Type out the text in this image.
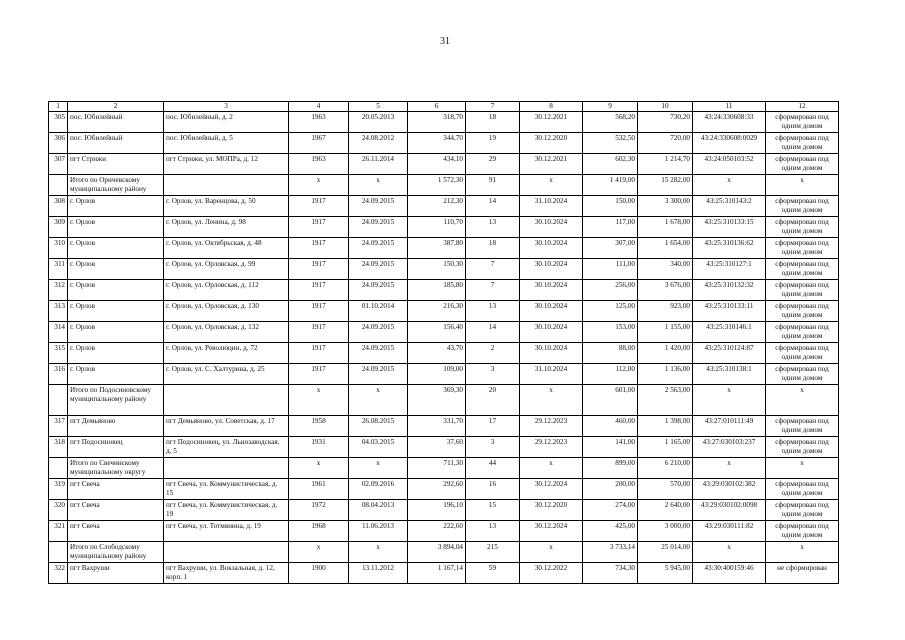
31
1	2	3	4	5	6	7	8	9	10	11	12
305	пос. Юбилейный	пос. Юбилейный, д. 2	1963	20.05.2013	318,70	18	30.12.2021	568,20	730,20	43:24:330608:33	сформирован под одним домом
306	пос. Юбилейный	пос. Юбилейный, д. 5	1967	24.08.2012	344,70	19	30.12.2020	532,50	720,00	43:24:330608:0029	сформирован под одним домом
307	пгт Стрижи	пгт Стрижи, ул. МОПРа, д. 12	1963	26.11.2014	434,10	29	30.12.2021	602,30	1 214,70	43:24:050103:52	сформирован под одним домом
	Итого по Оричевскому муниципальному району		x	x	1 572,30	91	x	1 419,00	15 282,00	x	x
308	г. Орлов	г. Орлов, ул. Варенцова, д. 50	1917	24.09.2015	212,30	14	31.10.2024	150,00	3 300,00	43:25:310143:2	сформирован под одним домом
309	г. Орлов	г. Орлов, ул. Ленина, д. 98	1917	24.09.2015	110,70	13	30.10.2024	117,00	1 678,00	43:25:310133:15	сформирован под одним домом
310	г. Орлов	г. Орлов, ул. Октябрьская, д. 48	1917	24.09.2015	387,80	18	30.10.2024	307,00	1 654,00	43:25:310136:62	сформирован под одним домом
311	г. Орлов	г. Орлов, ул. Орловская, д. 99	1917	24.09.2015	150,30	7	30.10.2024	111,00	340,00	43:25:310127:1	сформирован под одним домом
312	г. Орлов	г. Орлов, ул. Орловская, д. 112	1917	24.09.2015	185,80	7	30.10.2024	256,00	3 676,00	43:25:310132:32	сформирован под одним домом
313	г. Орлов	г. Орлов, ул. Орловская, д. 130	1917	01.10.2014	216,30	13	30.10.2024	125,00	923,00	43:25:310133:11	сформирован под одним домом
314	г. Орлов	г. Орлов, ул. Орловская, д. 132	1917	24.09.2015	156,40	14	30.10.2024	153,00	1 155,00	43:25:310146:1	сформирован под одним домом
315	г. Орлов	г. Орлов, ул. Революции, д. 72	1917	24.09.2015	43,70	2	30.10.2024	88,00	1 420,00	43:25:310124:87	сформирован под одним домом
316	г. Орлов	г. Орлов, ул. С. Халтурина, д. 25	1917	24.09.2015	109,00	3	31.10.2024	112,00	1 136,00	43:25:310138:1	сформирован под одним домом
	Итого по Подосиновскому муниципальному району		x	x	369,30	20	x	601,00	2 563,00	x	x
317	пгт Демьяново	пгт Демьяново, ул. Советская, д. 17	1958	26.08.2015	331,70	17	29.12.2023	460,00	1 398,00	43:27:010111:49	сформирован под одним домом
318	пгт Подосиновец	пгт Подосиновец, ул. Льнозаводская, д. 5	1931	04.03.2015	37,60	3	29.12.2023	141,00	1 165,00	43:27:030103:237	сформирован под одним домом
	Итого по Свечинскому муниципальному округу		x	x	711,30	44	x	899,00	6 210,00	x	x
319	пгт Свеча	пгт Свеча, ул. Коммунистическая, д. 15	1961	02.09.2016	292,60	16	30.12.2024	200,00	570,00	43:29:030102:382	сформирован под одним домом
320	пгт Свеча	пгт Свеча, ул. Коммунистическая, д. 19	1972	08.04.2013	196,10	15	30.12.2020	274,00	2 640,00	43:29:030102:0098	сформирован под одним домом
321	пгт Свеча	пгт Свеча, ул. Тотмянина, д. 19	1968	11.06.2013	222,60	13	30.12.2024	425,00	3 000,00	43:29:030111:82	сформирован под одним домом
	Итого по Слободскому муниципальному району		x	x	3 894,04	215	x	3 733,14	25 014,00	x	x
322	пгт Вахруши	пгт Вахруши, ул. Вокзальная, д. 12, корп. 1	1900	13.11.2012	1 167,14	59	30.12.2022	734,30	5 945,00	43:30:400159:46	не сформирован
